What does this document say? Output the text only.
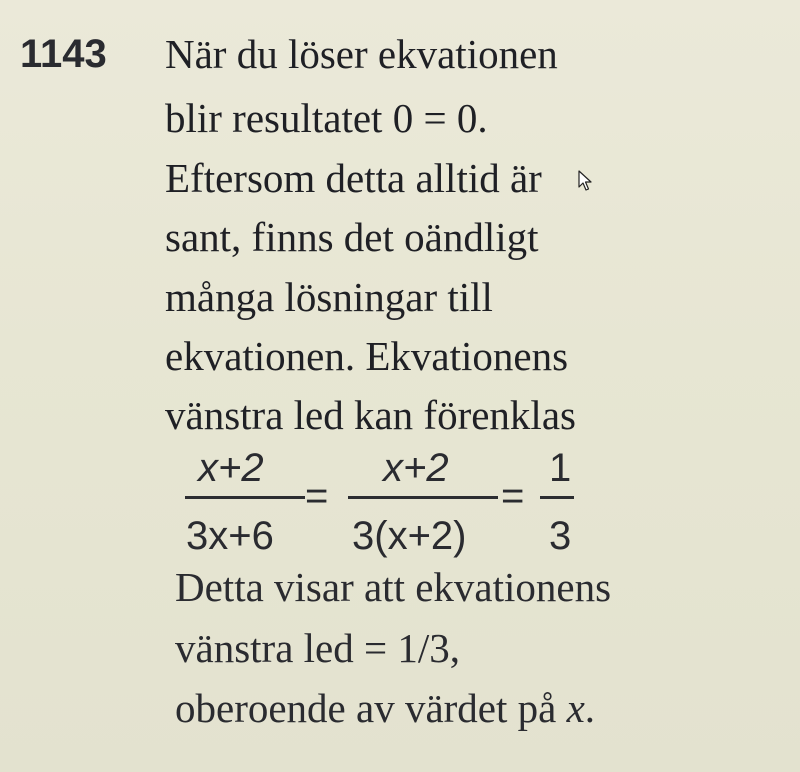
1143 När du löser ekvationen
blir resultatet 0 = 0.
Eftersom detta alltid är
sant, finns det oändligt
många lösningar till
ekvationen. Ekvationens
vänstra led kan förenklas
x+2
3x+6
=
x+2
3(x+2)
=
1
3
Detta visar att ekvationens
vänstra led = 1/3,
oberoende av värdet på x.
